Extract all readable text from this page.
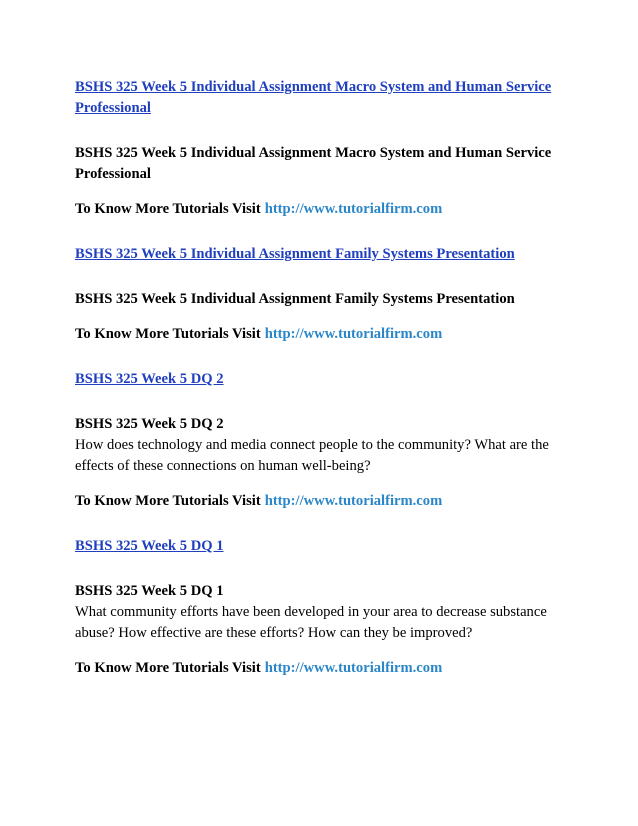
BSHS 325 Week 5 Individual Assignment Macro System and Human Service Professional

BSHS 325 Week 5 Individual Assignment Macro System and Human Service Professional

To Know More Tutorials Visit http://www.tutorialfirm.com

BSHS 325 Week 5 Individual Assignment Family Systems Presentation

BSHS 325 Week 5 Individual Assignment Family Systems Presentation

To Know More Tutorials Visit http://www.tutorialfirm.com

BSHS 325 Week 5 DQ 2

BSHS 325 Week 5 DQ 2

How does technology and media connect people to the community? What are the effects of these connections on human well-being?

To Know More Tutorials Visit http://www.tutorialfirm.com

BSHS 325 Week 5 DQ 1

BSHS 325 Week 5 DQ 1

What community efforts have been developed in your area to decrease substance abuse? How effective are these efforts? How can they be improved?

To Know More Tutorials Visit http://www.tutorialfirm.com
